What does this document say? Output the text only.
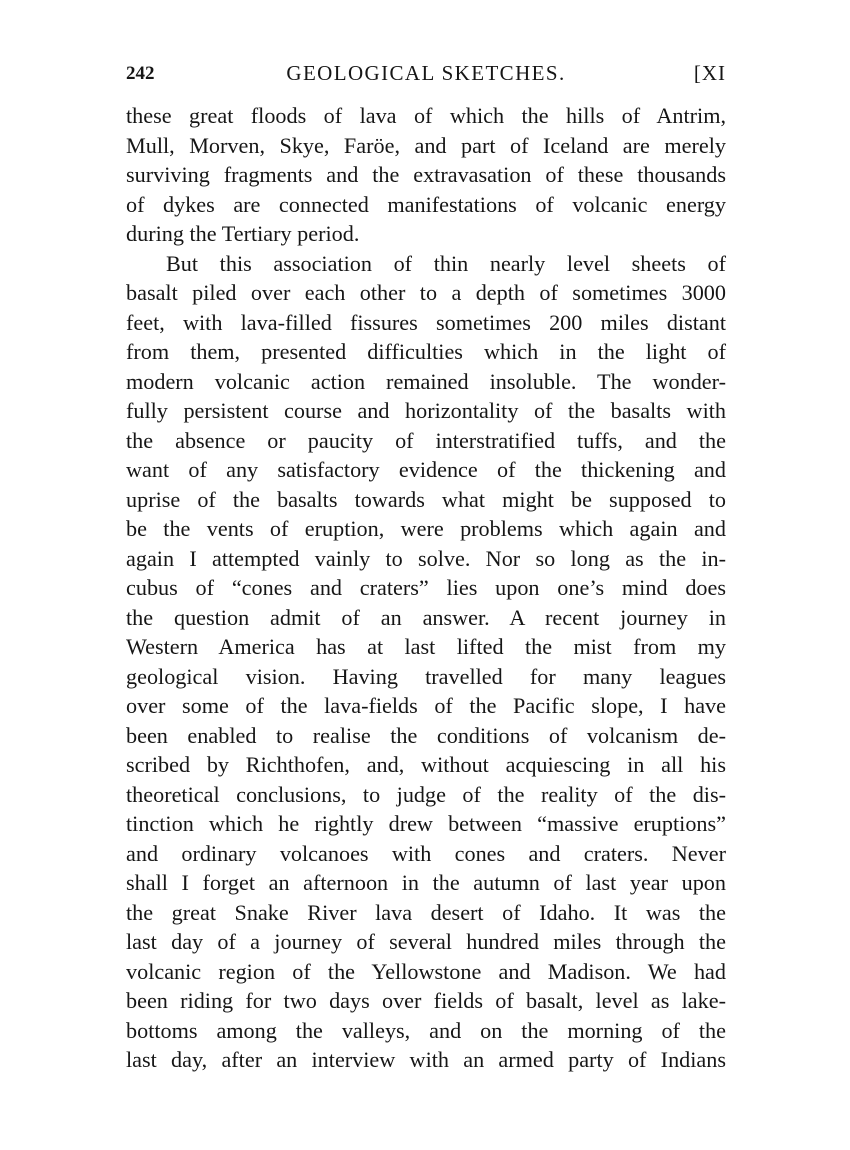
242	GEOLOGICAL SKETCHES.	[XI
these great floods of lava of which the hills of Antrim,
Mull, Morven, Skye, Faröe, and part of Iceland are merely
surviving fragments and the extravasation of these thousands
of dykes are connected manifestations of volcanic energy
during the Tertiary period.
But this association of thin nearly level sheets of
basalt piled over each other to a depth of sometimes 3000
feet, with lava-filled fissures sometimes 200 miles distant
from them, presented difficulties which in the light of
modern volcanic action remained insoluble. The wonder-
fully persistent course and horizontality of the basalts with
the absence or paucity of interstratified tuffs, and the
want of any satisfactory evidence of the thickening and
uprise of the basalts towards what might be supposed to
be the vents of eruption, were problems which again and
again I attempted vainly to solve. Nor so long as the in-
cubus of “cones and craters” lies upon one’s mind does
the question admit of an answer. A recent journey in
Western America has at last lifted the mist from my
geological vision. Having travelled for many leagues
over some of the lava-fields of the Pacific slope, I have
been enabled to realise the conditions of volcanism de-
scribed by Richthofen, and, without acquiescing in all his
theoretical conclusions, to judge of the reality of the dis-
tinction which he rightly drew between “massive eruptions”
and ordinary volcanoes with cones and craters. Never
shall I forget an afternoon in the autumn of last year upon
the great Snake River lava desert of Idaho. It was the
last day of a journey of several hundred miles through the
volcanic region of the Yellowstone and Madison. We had
been riding for two days over fields of basalt, level as lake-
bottoms among the valleys, and on the morning of the
last day, after an interview with an armed party of Indians
